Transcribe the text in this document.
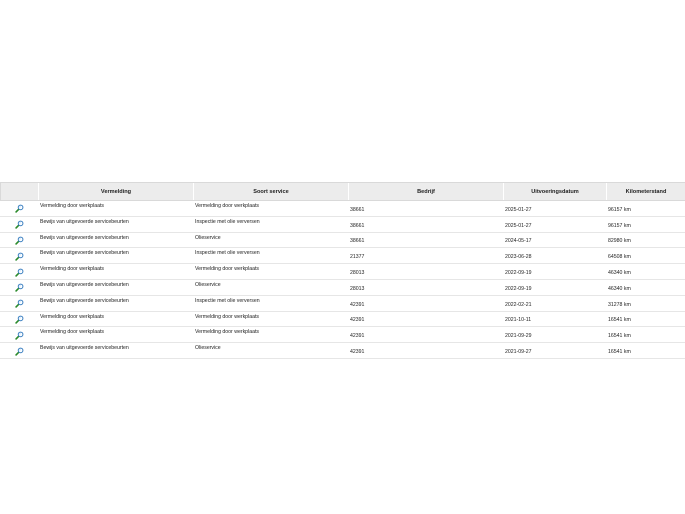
	Vermelding	Soort service	Bedrijf	Uitvoeringsdatum	Kilometerstand
	Vermelding door werkplaats	Vermelding door werkplaats	38661	2025-01-27	96157 km
	Bewijs van uitgevoerde servicebeurten	Inspectie met olie verversen	38661	2025-01-27	96157 km
	Bewijs van uitgevoerde servicebeurten	Olieservice	38661	2024-05-17	82980 km
	Bewijs van uitgevoerde servicebeurten	Inspectie met olie verversen	21377	2023-06-28	64508 km
	Vermelding door werkplaats	Vermelding door werkplaats	28013	2022-09-19	46340 km
	Bewijs van uitgevoerde servicebeurten	Olieservice	28013	2022-09-19	46340 km
	Bewijs van uitgevoerde servicebeurten	Inspectie met olie verversen	42391	2022-02-21	31278 km
	Vermelding door werkplaats	Vermelding door werkplaats	42391	2021-10-11	16541 km
	Vermelding door werkplaats	Vermelding door werkplaats	42391	2021-09-29	16541 km
	Bewijs van uitgevoerde servicebeurten	Olieservice	42391	2021-09-27	16541 km
